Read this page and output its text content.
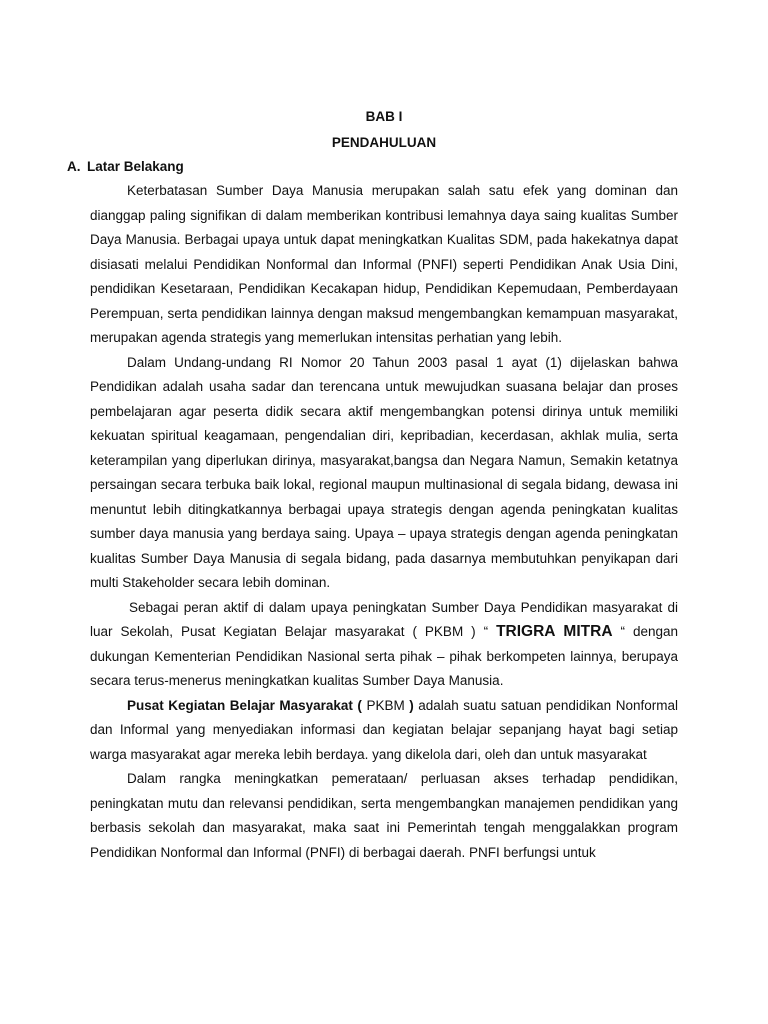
BAB I
PENDAHULUAN
A. Latar Belakang

Keterbatasan Sumber Daya Manusia merupakan salah satu efek yang dominan dan dianggap paling signifikan di dalam memberikan kontribusi lemahnya daya saing kualitas Sumber Daya Manusia. Berbagai upaya untuk dapat meningkatkan Kualitas SDM, pada hakekatnya dapat disiasati melalui Pendidikan Nonformal dan Informal (PNFI) seperti Pendidikan Anak Usia Dini, pendidikan Kesetaraan, Pendidikan Kecakapan hidup, Pendidikan Kepemudaan, Pemberdayaan Perempuan, serta pendidikan lainnya dengan maksud mengembangkan kemampuan masyarakat, merupakan agenda strategis yang memerlukan intensitas perhatian yang lebih.

Dalam Undang-undang RI Nomor 20 Tahun 2003 pasal 1 ayat (1) dijelaskan bahwa Pendidikan adalah usaha sadar dan terencana untuk mewujudkan suasana belajar dan proses pembelajaran agar peserta didik secara aktif mengembangkan potensi dirinya untuk memiliki kekuatan spiritual keagamaan, pengendalian diri, kepribadian, kecerdasan, akhlak mulia, serta keterampilan yang diperlukan dirinya, masyarakat,bangsa dan Negara Namun, Semakin ketatnya persaingan secara terbuka baik lokal, regional maupun multinasional di segala bidang, dewasa ini menuntut lebih ditingkatkannya berbagai upaya strategis dengan agenda peningkatan kualitas sumber daya manusia yang berdaya saing. Upaya – upaya strategis dengan agenda peningkatan kualitas Sumber Daya Manusia di segala bidang, pada dasarnya membutuhkan penyikapan dari multi Stakeholder secara lebih dominan.

Sebagai peran aktif di dalam upaya peningkatan Sumber Daya Pendidikan masyarakat di luar Sekolah, Pusat Kegiatan Belajar masyarakat ( PKBM ) “ TRIGRA MITRA “ dengan dukungan Kementerian Pendidikan Nasional serta pihak – pihak berkompeten lainnya, berupaya secara terus-menerus meningkatkan kualitas Sumber Daya Manusia.

Pusat Kegiatan Belajar Masyarakat ( PKBM ) adalah suatu satuan pendidikan Nonformal dan Informal yang menyediakan informasi dan kegiatan belajar sepanjang hayat bagi setiap warga masyarakat agar mereka lebih berdaya. yang dikelola dari, oleh dan untuk masyarakat

Dalam rangka meningkatkan pemerataan/ perluasan akses terhadap pendidikan, peningkatan mutu dan relevansi pendidikan, serta mengembangkan manajemen pendidikan yang berbasis sekolah dan masyarakat, maka saat ini Pemerintah tengah menggalakkan program Pendidikan Nonformal dan Informal (PNFI) di berbagai daerah. PNFI berfungsi untuk
